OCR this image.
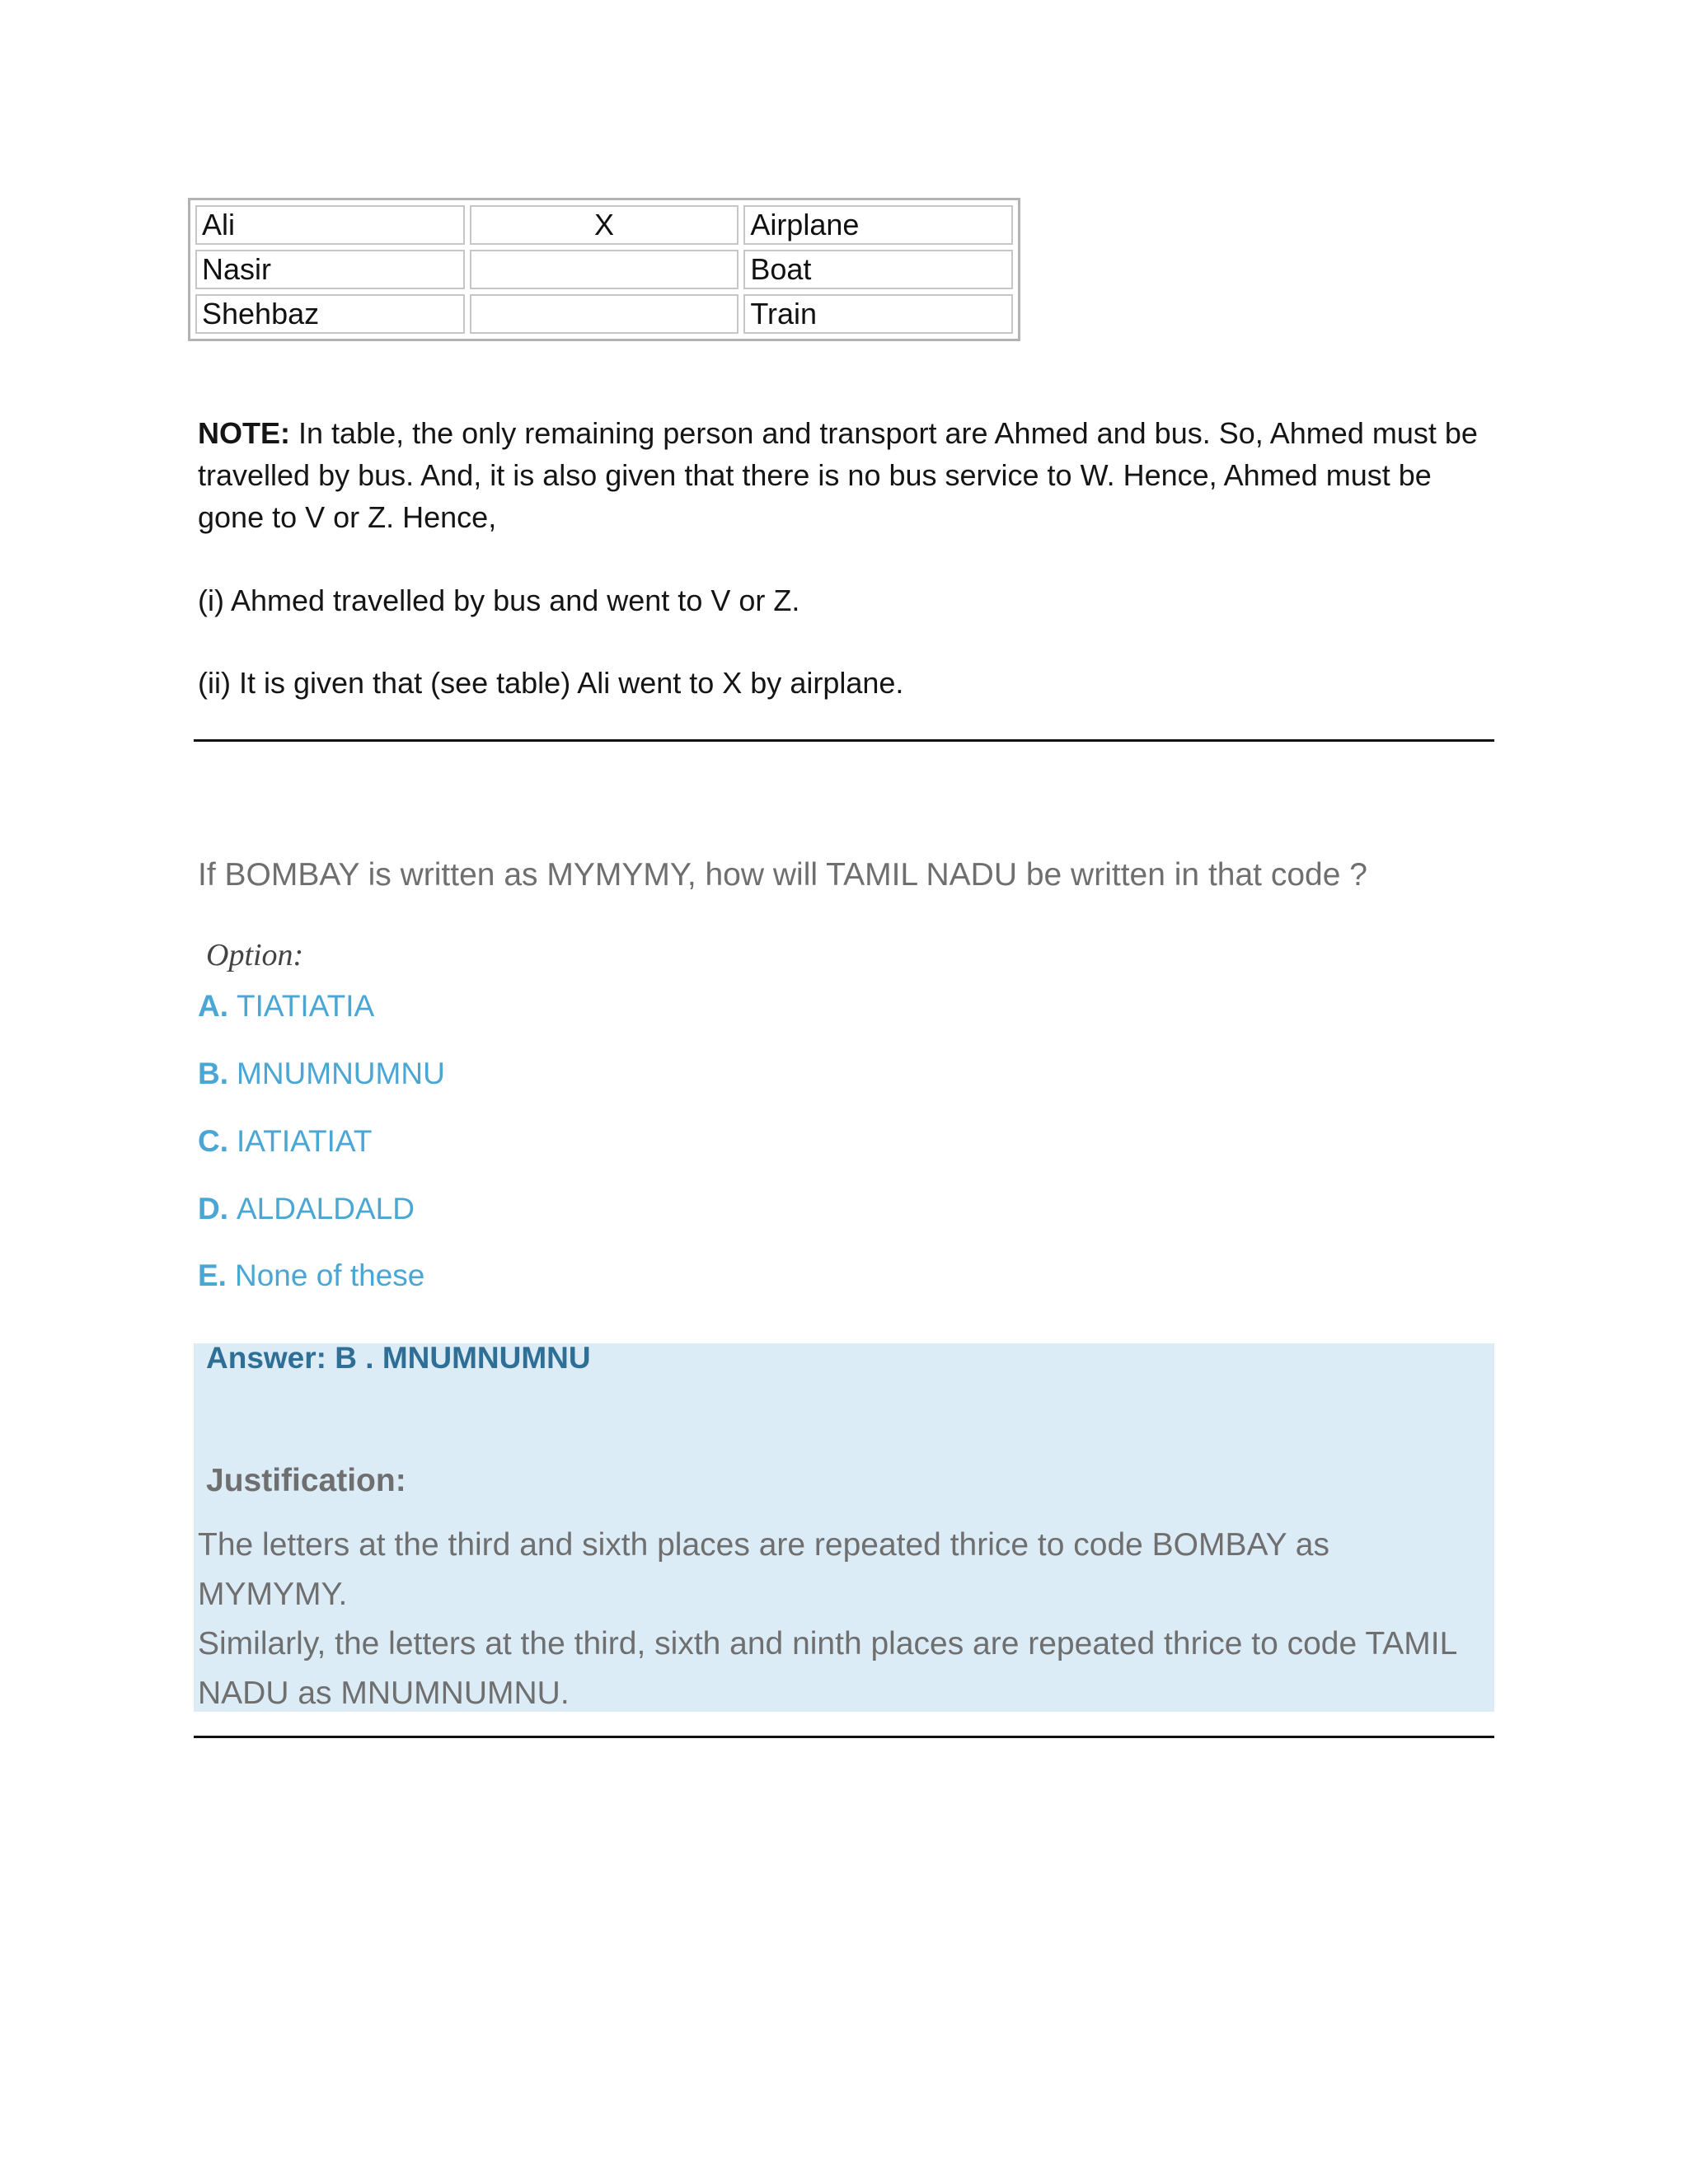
Ali	X	Airplane
Nasir		Boat
Shehbaz		Train
NOTE: In table, the only remaining person and transport are Ahmed and bus. So, Ahmed must be travelled by bus. And, it is also given that there is no bus service to W. Hence, Ahmed must be gone to V or Z. Hence,
(i) Ahmed travelled by bus and went to V or Z.
(ii) It is given that (see table) Ali went to X by airplane.
If BOMBAY is written as MYMYMY, how will TAMIL NADU be written in that code ?
Option:
A. TIATIATIA
B. MNUMNUMNU
C. IATIATIAT
D. ALDALDALD
E. None of these
Answer: B . MNUMNUMNU
Justification:
The letters at the third and sixth places are repeated thrice to code BOMBAY as MYMYMY.
Similarly, the letters at the third, sixth and ninth places are repeated thrice to code TAMIL NADU as MNUMNUMNU.
